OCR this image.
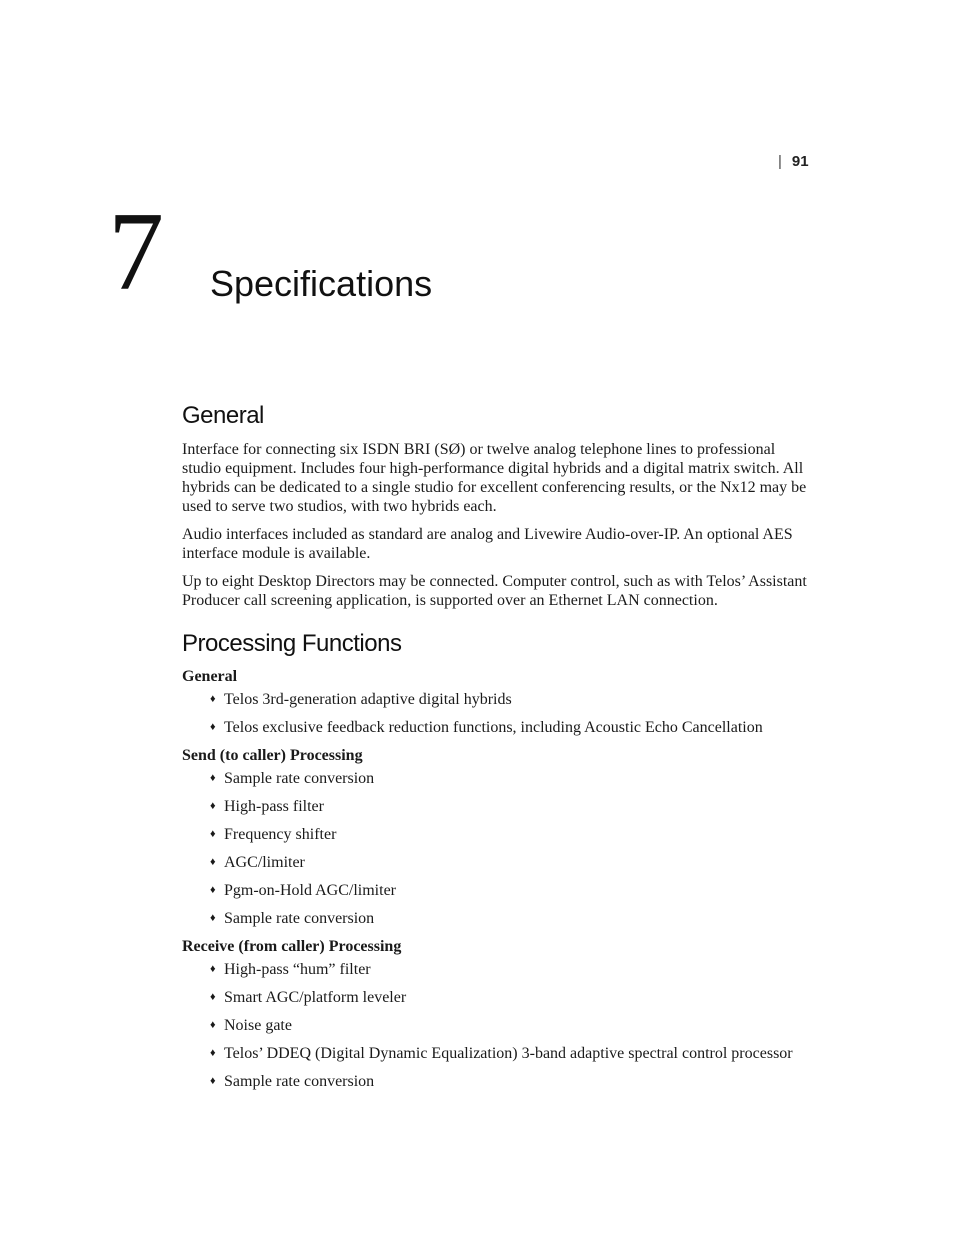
| 91
7 Specifications
General

Interface for connecting six ISDN BRI (SØ) or twelve analog telephone lines to professional studio equipment. Includes four high-performance digital hybrids and a digital matrix switch. All hybrids can be dedicated to a single studio for excellent conferencing results, or the Nx12 may be used to serve two studios, with two hybrids each.

Audio interfaces included as standard are analog and Livewire Audio-over-IP. An optional AES interface module is available.

Up to eight Desktop Directors may be connected. Computer control, such as with Telos’ Assistant Producer call screening application, is supported over an Ethernet LAN connection.

Processing Functions
General
♦ Telos 3rd-generation adaptive digital hybrids
♦ Telos exclusive feedback reduction functions, including Acoustic Echo Cancellation
Send (to caller) Processing
♦ Sample rate conversion
♦ High-pass filter
♦ Frequency shifter
♦ AGC/limiter
♦ Pgm-on-Hold AGC/limiter
♦ Sample rate conversion
Receive (from caller) Processing
♦ High-pass “hum” filter
♦ Smart AGC/platform leveler
♦ Noise gate
♦ Telos’ DDEQ (Digital Dynamic Equalization) 3-band adaptive spectral control processor
♦ Sample rate conversion
